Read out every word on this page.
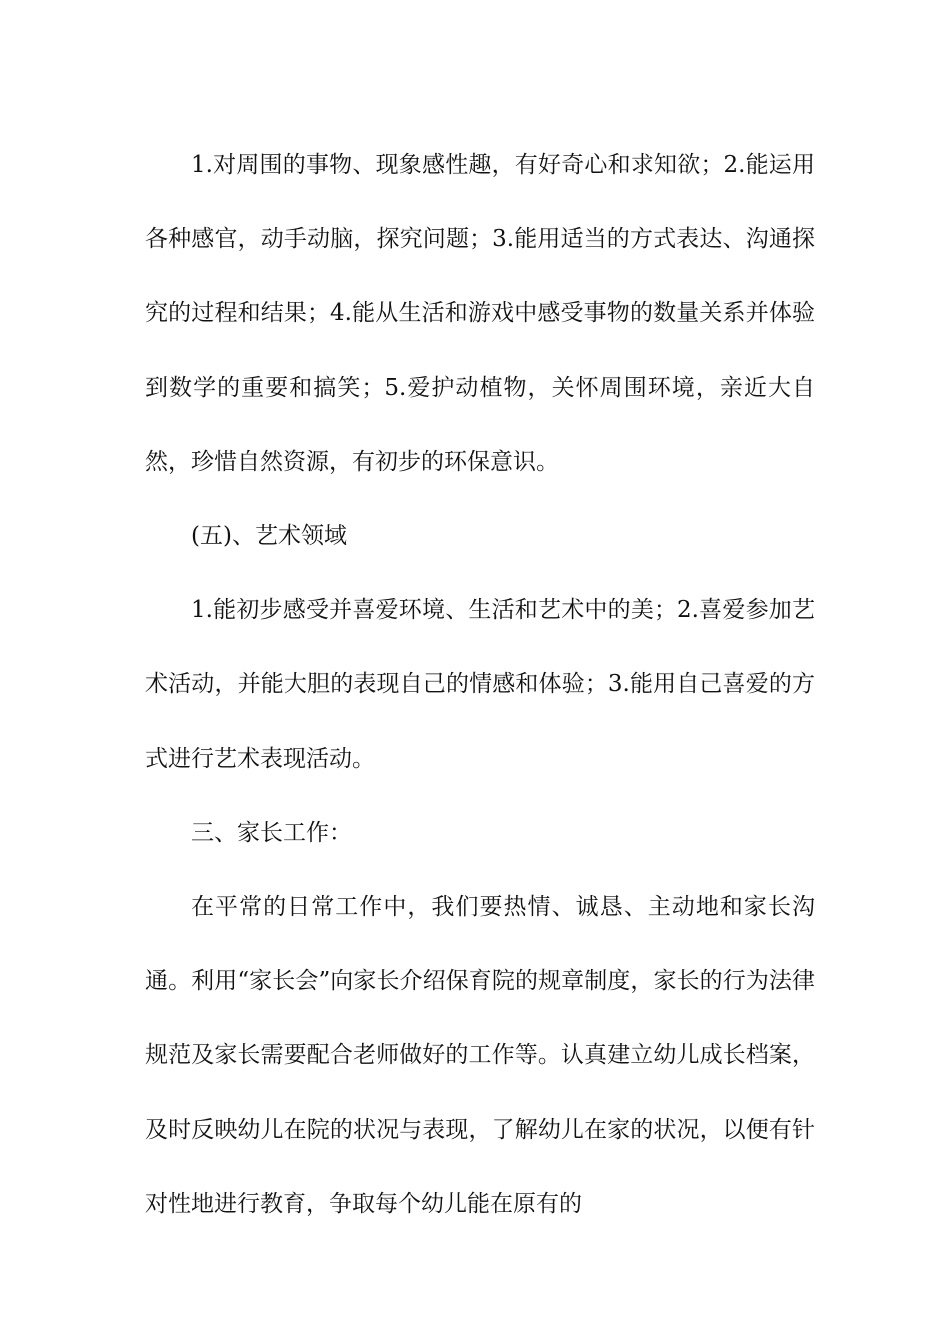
1.对周围的事物、现象感性趣，有好奇心和求知欲；2.能运用各种感官，动手动脑，探究问题；3.能用适当的方式表达、沟通探究的过程和结果；4.能从生活和游戏中感受事物的数量关系并体验到数学的重要和搞笑；5.爱护动植物，关怀周围环境，亲近大自然，珍惜自然资源，有初步的环保意识。

(五)、艺术领域

1.能初步感受并喜爱环境、生活和艺术中的美；2.喜爱参加艺术活动，并能大胆的表现自己的情感和体验；3.能用自己喜爱的方式进行艺术表现活动。

三、家长工作：

在平常的日常工作中，我们要热情、诚恳、主动地和家长沟通。利用“家长会”向家长介绍保育院的规章制度，家长的行为法律规范及家长需要配合老师做好的工作等。认真建立幼儿成长档案，及时反映幼儿在院的状况与表现，了解幼儿在家的状况，以便有针对性地进行教育，争取每个幼儿能在原有的
